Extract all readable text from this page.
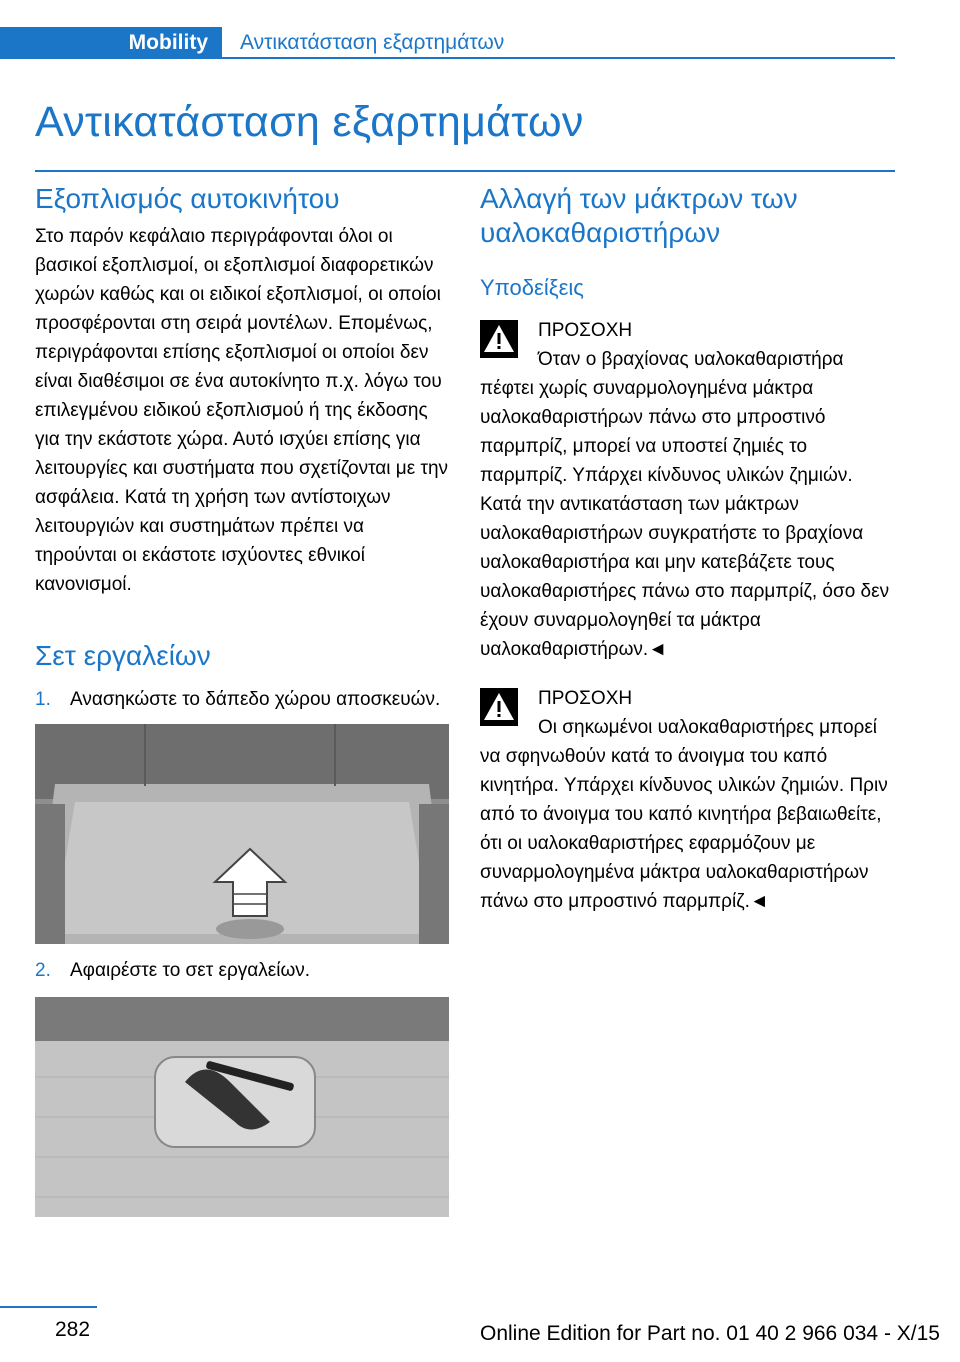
Mobility	Αντικατάσταση εξαρτημάτων
Αντικατάσταση εξαρτημάτων
Εξοπλισμός αυτοκινήτου

Στο παρόν κεφάλαιο περιγράφονται όλοι οι βασικοί εξοπλισμοί, οι εξοπλισμοί διαφορετικών χωρών καθώς και οι ειδικοί εξοπλισμοί, οι οποίοι προσφέρονται στη σειρά μοντέλων. Επομένως, περιγράφονται επίσης εξοπλισμοί οι οποίοι δεν είναι διαθέσιμοι σε ένα αυτοκίνητο π.χ. λόγω του επιλεγμένου ειδικού εξοπλισμού ή της έκδοσης για την εκάστοτε χώρα. Αυτό ισχύει επίσης για λειτουργίες και συστήματα που σχετίζονται με την ασφάλεια. Κατά τη χρήση των αντίστοιχων λειτουργιών και συστημάτων πρέπει να τηρούνται οι εκάστοτε ισχύοντες εθνικοί κανονισμοί.

Σετ εργαλείων
1. Ανασηκώστε το δάπεδο χώρου αποσκευών.
2. Αφαιρέστε το σετ εργαλείων.
Αλλαγή των μάκτρων των υαλοκαθαριστήρων
Υποδείξεις
ΠΡΟΣΟΧΗ
Όταν ο βραχίονας υαλοκαθαριστήρα
πέφτει χωρίς συναρμολογημένα μάκτρα υαλοκαθαριστήρων πάνω στο μπροστινό παρμπρίζ, μπορεί να υποστεί ζημιές το παρμπρίζ. Υπάρχει κίνδυνος υλικών ζημιών. Κατά την αντικατάσταση των μάκτρων υαλοκαθαριστήρων συγκρατήστε το βραχίονα υαλοκαθαριστήρα και μην κατεβάζετε τους υαλοκαθαριστήρες πάνω στο παρμπρίζ, όσο δεν έχουν συναρμολογηθεί τα μάκτρα υαλοκαθαριστήρων.◄
ΠΡΟΣΟΧΗ
Οι σηκωμένοι υαλοκαθαριστήρες μπορεί
να σφηνωθούν κατά το άνοιγμα του καπό κινητήρα. Υπάρχει κίνδυνος υλικών ζημιών. Πριν από το άνοιγμα του καπό κινητήρα βεβαιωθείτε, ότι οι υαλοκαθαριστήρες εφαρμόζουν με συναρμολογημένα μάκτρα υαλοκαθαριστήρων πάνω στο μπροστινό παρμπρίζ.◄
282	Online Edition for Part no. 01 40 2 966 034 - X/15
